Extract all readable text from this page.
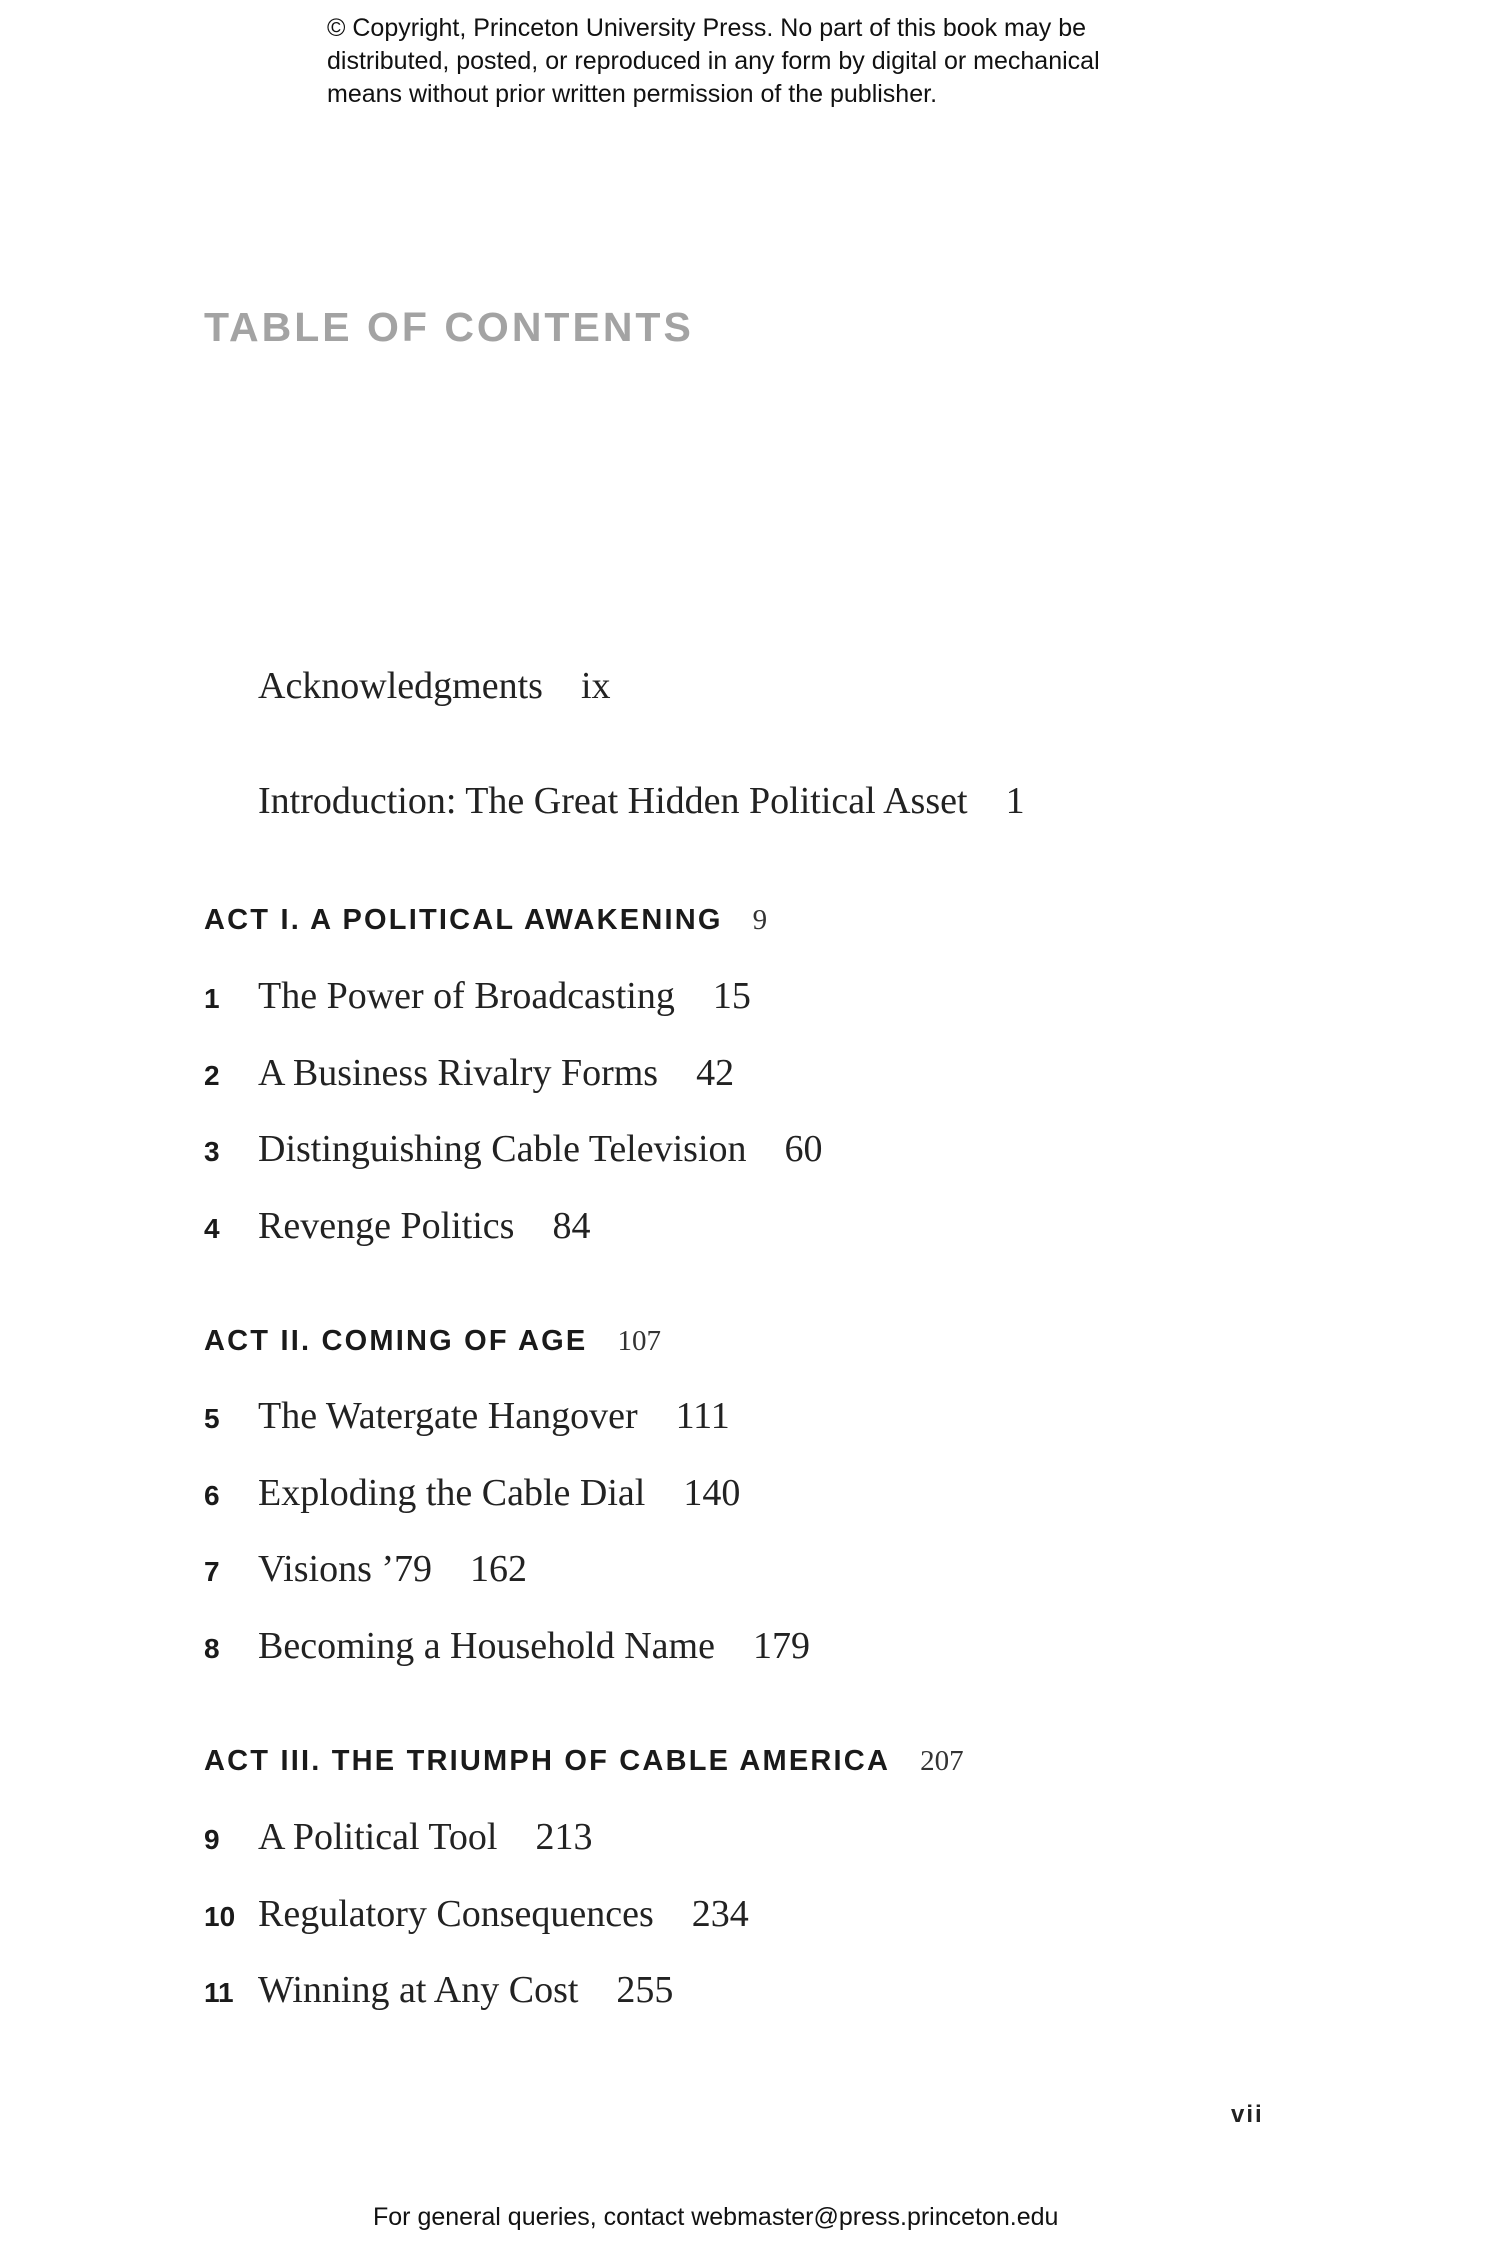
© Copyright, Princeton University Press. No part of this book may be
distributed, posted, or reproduced in any form by digital or mechanical
means without prior written permission of the publisher.

TABLE OF CONTENTS
Acknowledgments ix
Introduction: The Great Hidden Political Asset 1
ACT I. A POLITICAL AWAKENING 9
1	The Power of Broadcasting 15
2	A Business Rivalry Forms 42
3	Distinguishing Cable Television 60
4	Revenge Politics 84
ACT II. COMING OF AGE 107
5	The Watergate Hangover 111
6	Exploding the Cable Dial 140
7	Visions ’79 162
8	Becoming a Household Name 179
ACT III. THE TRIUMPH OF CABLE AMERICA 207
9	A Political Tool 213
10 Regulatory Consequences 234
11 Winning at Any Cost 255
vii
For general queries, contact webmaster@press.princeton.edu
